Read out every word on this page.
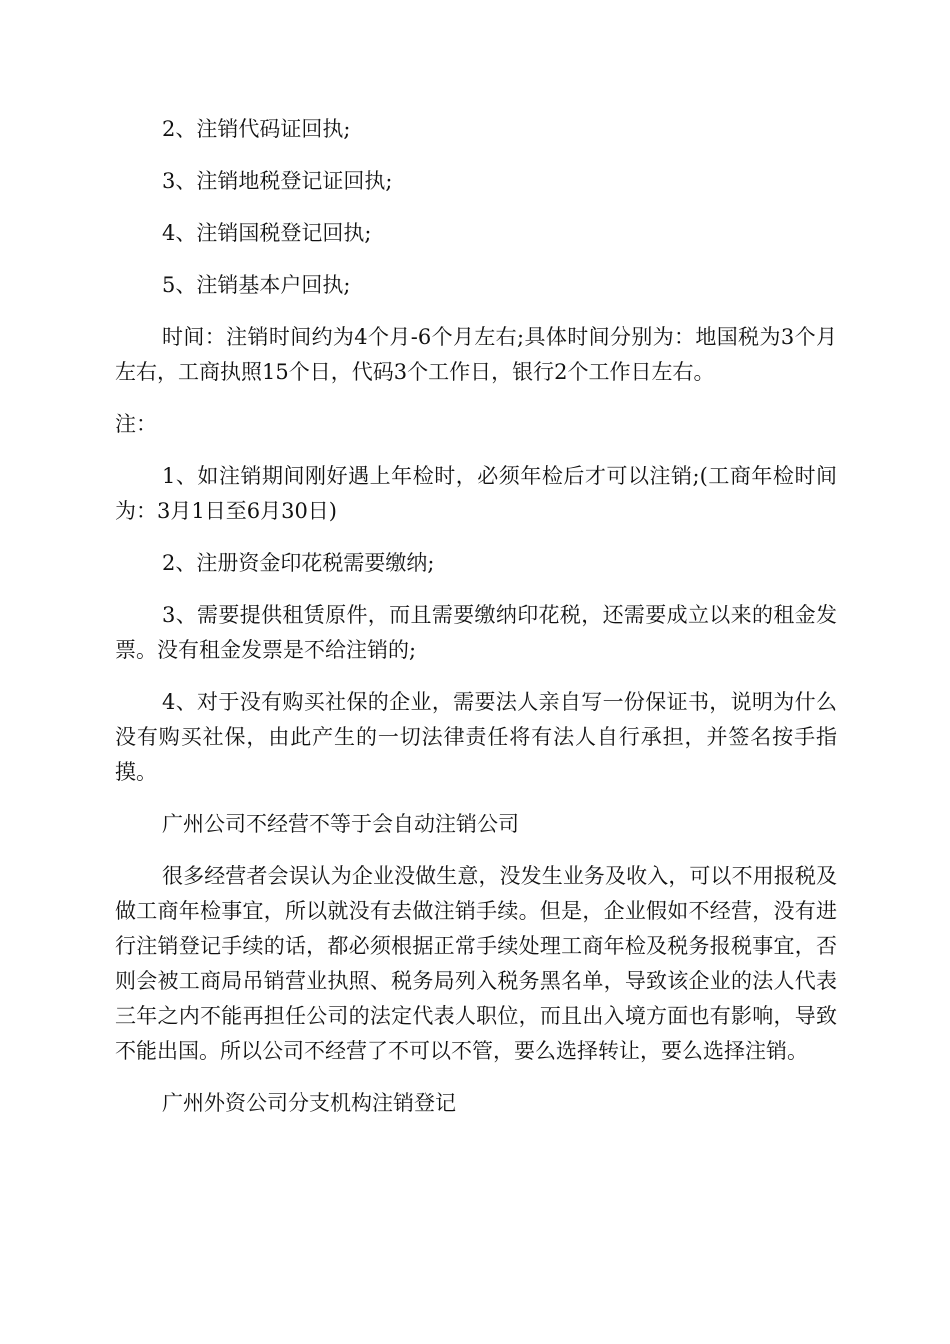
2、注销代码证回执;

3、注销地税登记证回执;

4、注销国税登记回执;

5、注销基本户回执;

时间：注销时间约为4个月-6个月左右;具体时间分别为：地国税为3个月左右，工商执照15个日，代码3个工作日，银行2个工作日左右。

注：

1、如注销期间刚好遇上年检时，必须年检后才可以注销;(工商年检时间为：3月1日至6月30日)

2、注册资金印花税需要缴纳;

3、需要提供租赁原件，而且需要缴纳印花税，还需要成立以来的租金发票。没有租金发票是不给注销的;

4、对于没有购买社保的企业，需要法人亲自写一份保证书，说明为什么没有购买社保，由此产生的一切法律责任将有法人自行承担，并签名按手指摸。

广州公司不经营不等于会自动注销公司

很多经营者会误认为企业没做生意，没发生业务及收入，可以不用报税及做工商年检事宜，所以就没有去做注销手续。但是，企业假如不经营，没有进行注销登记手续的话，都必须根据正常手续处理工商年检及税务报税事宜，否则会被工商局吊销营业执照、税务局列入税务黑名单，导致该企业的法人代表三年之内不能再担任公司的法定代表人职位，而且出入境方面也有影响，导致不能出国。所以公司不经营了不可以不管，要么选择转让，要么选择注销。

广州外资公司分支机构注销登记
